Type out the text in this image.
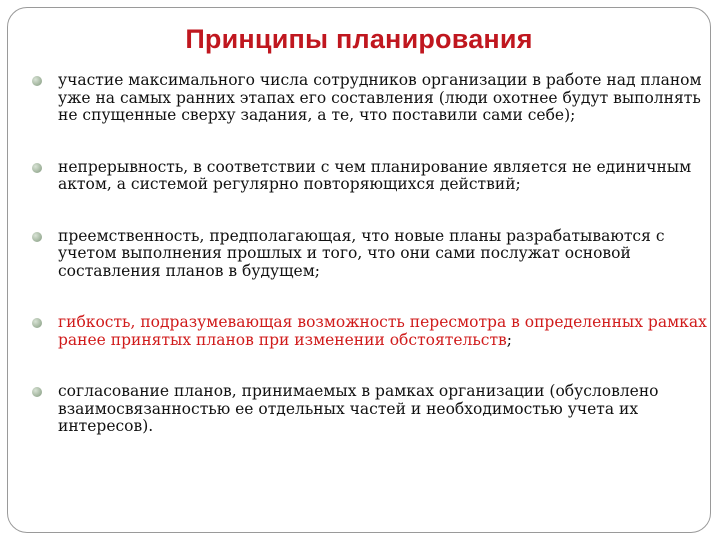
Принципы планирования
участие максимального числа сотрудников организации в работе над планом уже на самых ранних этапах его составления (люди охотнее будут выполнять не спущенные сверху задания, а те, что поставили сами себе);
непрерывность, в соответствии с чем планирование является не единичным актом, а системой регулярно повторяющихся действий;
преемственность, предполагающая, что новые планы разрабатываются с учетом выполнения прошлых и того, что они сами послужат основой составления планов в будущем;
гибкость, подразумевающая возможность пересмотра в определенных рамках ранее принятых планов при изменении обстоятельств;
согласование планов, принимаемых в рамках организации (обусловлено взаимосвязанностью ее отдельных частей и необходимостью учета их интересов).
